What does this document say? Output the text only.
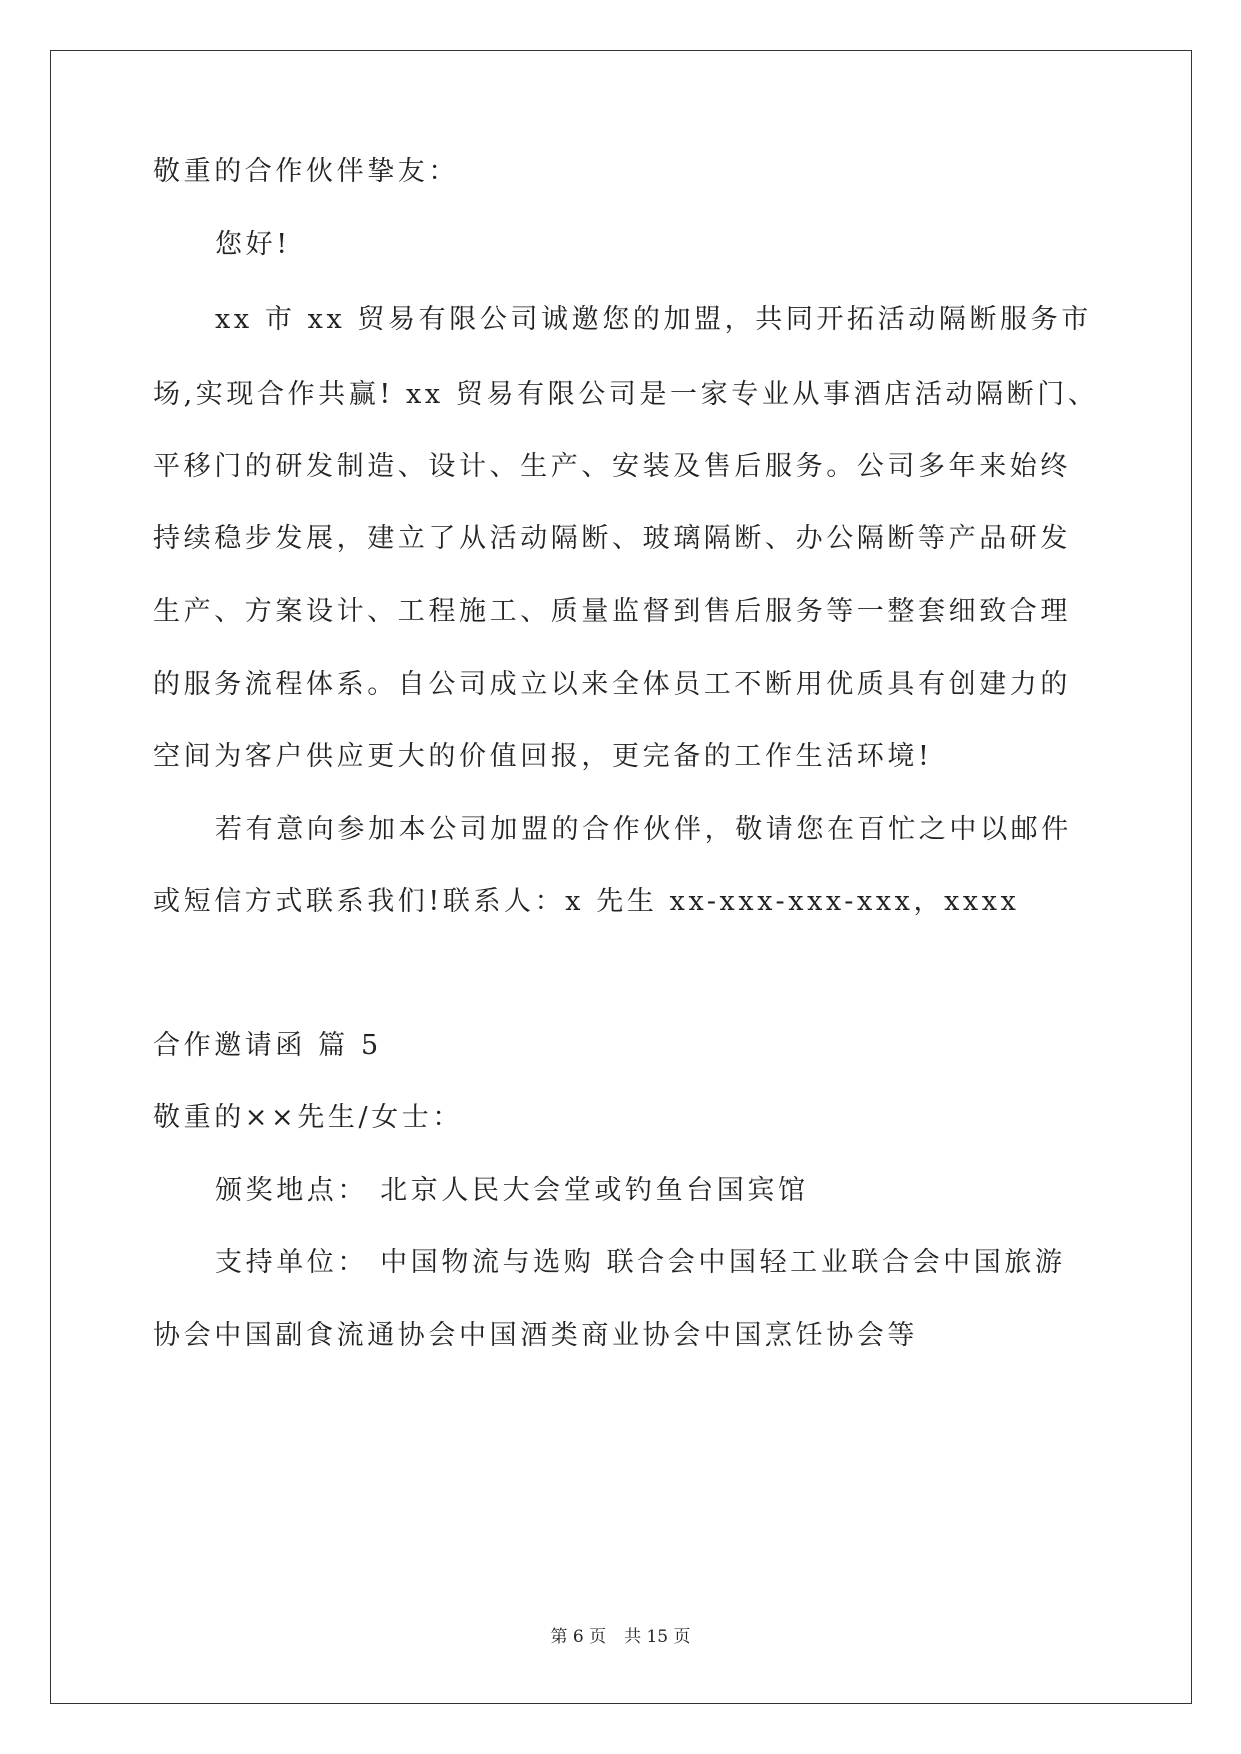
敬重的合作伙伴挚友：
您好!
xx 市 xx 贸易有限公司诚邀您的加盟，共同开拓活动隔断服务市
场,实现合作共赢! xx 贸易有限公司是一家专业从事酒店活动隔断门、
平移门的研发制造、设计、生产、安装及售后服务。公司多年来始终
持续稳步发展，建立了从活动隔断、玻璃隔断、办公隔断等产品研发
生产、方案设计、工程施工、质量监督到售后服务等一整套细致合理
的服务流程体系。自公司成立以来全体员工不断用优质具有创建力的
空间为客户供应更大的价值回报，更完备的工作生活环境!
若有意向参加本公司加盟的合作伙伴，敬请您在百忙之中以邮件
或短信方式联系我们!联系人：x 先生 xx-xxx-xxx-xxx，xxxx
合作邀请函 篇 5
敬重的××先生/女士：
颁奖地点： 北京人民大会堂或钓鱼台国宾馆
支持单位： 中国物流与选购 联合会中国轻工业联合会中国旅游
协会中国副食流通协会中国酒类商业协会中国烹饪协会等
第 6 页 共 15 页
